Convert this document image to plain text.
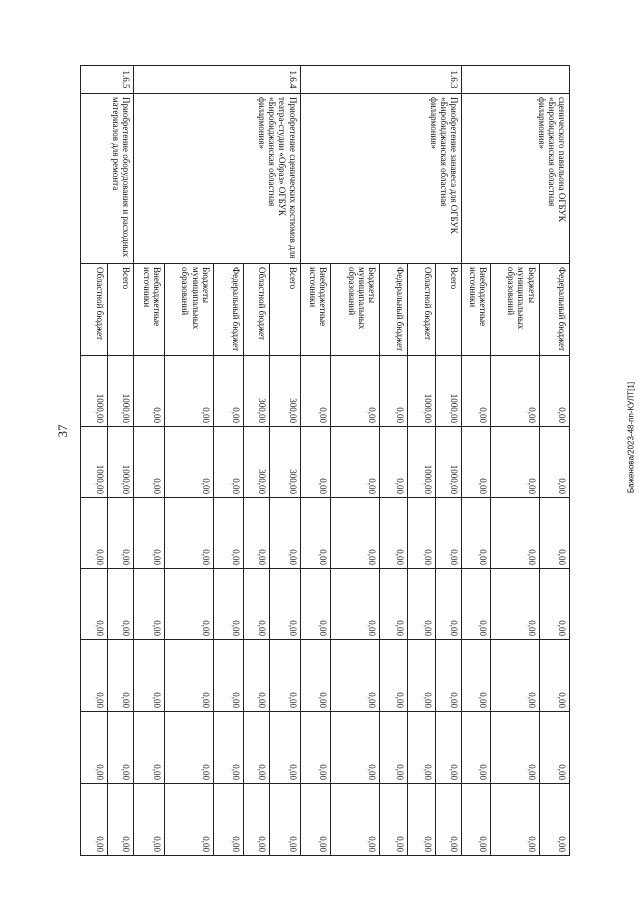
37	Баженова/2023-48-пп-КУЛТ[1]
	сценического павильона ОГБУК «Биробиджанская областная филармония»	Федеральный бюджет	0,00	0,00	0,00	0,00	0,00	0,00	0,00
		Бюджеты муниципальных образований	0,00	0,00	0,00	0,00	0,00	0,00	0,00
		Внебюджетные источники	0,00	0,00	0,00	0,00	0,00	0,00	0,00
1.6.3	Приобретение занавеса для ОГБУК «Биробиджанская областная филармония»	Всего	1000,00	1000,00	0,00	0,00	0,00	0,00	0,00
		Областной бюджет	1000,00	1000,00	0,00	0,00	0,00	0,00	0,00
		Федеральный бюджет	0,00	0,00	0,00	0,00	0,00	0,00	0,00
		Бюджеты муниципальных образований	0,00	0,00	0,00	0,00	0,00	0,00	0,00
		Внебюджетные источники	0,00	0,00	0,00	0,00	0,00	0,00	0,00
1.6.4	Приобретение сценических костюмов для театра-студии «Образ» ОГБУК «Биробиджанская областная филармония»	Всего	300,00	300,00	0,00	0,00	0,00	0,00	0,00
		Областной бюджет	300,00	300,00	0,00	0,00	0,00	0,00	0,00
		Федеральный бюджет	0,00	0,00	0,00	0,00	0,00	0,00	0,00
		Бюджеты муниципальных образований	0,00	0,00	0,00	0,00	0,00	0,00	0,00
		Внебюджетные источники	0,00	0,00	0,00	0,00	0,00	0,00	0,00
1.6.5	Приобретение оборудования и расходных материалов для ремонта	Всего	1000,00	1000,00	0,00	0,00	0,00	0,00	0,00
		Областной бюджет	1000,00	1000,00	0,00	0,00	0,00	0,00	0,00
